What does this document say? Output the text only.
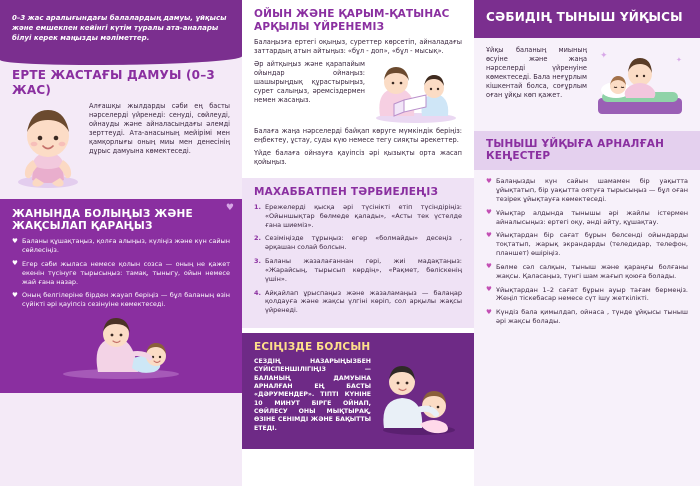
0–3 жас аралығындағы балалардың дамуы, ұйқысы және емшекпен кейінгі күтім туралы ата-аналары білуі керек маңызды мәліметтер.
ЕРТЕ ЖАСТАҒЫ ДАМУЫ (0–3 ЖАС)
Алғашқы жылдарды сәби ең басты нәрселерді үйренеді: сенуді, сөйлеуді, ойнауды және айналасындағы әлемді зерттеуді. Ата-анасының мейірімі мен қамқорлығы оның миы мен денесінің дұрыс дамуына көмектеседі.
♥
ЖАНЫНДА БОЛЫҢЫЗ ЖӘНЕ ЖАҚСЫЛАП ҚАРАҢЫЗ
♥ Баланы құшақтаңыз, қолға алыңыз, күліңіз және күн сайын сөйлесіңіз.
♥ Егер сәби жыласа немесе қолын созса — оның не қажет екенін түсінуге тырысыңыз: тамақ, тыныгу, ойын немесе жай ғана назар.
♥ Оның белгілеріне бірден жауап беріңіз — бұл баланың өзін сүйікті әрі қауіпсіз сезінуіне көмектеседі.
ОЙЫН ЖӘНЕ ҚАРЫМ-ҚАТЫНАС АРҚЫЛЫ ҮЙРЕНЕМІЗ
Балаңызға ертегі оқыңыз, суреттер көрсетіп, айналадағы заттардың атын айтыңыз: «бұл - доп», «бұл - мысық».
Әр айтқыңыз және қарапайым ойындар ойнаңыз: шашырыңдық құрастырыңыз, сурет салыңыз, әремсіздермен немен жасаңыз.
Балаға жаңа нәрселерді байқап көруге мүмкіндік беріңіз: еңбектеу, ұстау, суды күю немесе тегу сияқты әрекеттер.
Үйде балаға ойнауға қауіпсіз әрі қызықты орта жасап қойыңыз.
МАХАББАТПЕН ТӘРБИЕЛЕҢІЗ
Ережелерді қысқа әрі түсінікті етіп түсіндіріңіз: «Ойыншықтар бөлмеде қалады», «Асты тек үстелде ғана шиеміз».
Сезіміңізде тұрыңыз: егер «болмайды» десеңіз , әрқашан солай болсын.
Баланы жазалағаннан гөрі, жиі мадақтаңыз: «Жарайсың, тырысып көрдің», «Рақмет, бөліскенің үшін».
Айқайлап ұрыспаңыз және жазаламаңыз — балаңар қолдауға және жақсы үлгіні көріп, сол арқылы жақсы үйренеді.
ЕСІҢІЗДЕ БОЛСЫН
СЕЗДІҢ НАЗАРЫҢЫЗБЕН СҮЙІСПЕНШІЛІГІҢІЗ — БАЛАНЫҢ ДАМУЫНА АРНАЛҒАН ЕҢ БАСТЫ «ДӘРУМЕНДЕР». ТІПТІ КҮНІНЕ 10 МИНУТ БІРГЕ ОЙНАП, СӨЙЛЕСУ ОНЫ МЫҚТЫРАҚ, ӨЗІНЕ СЕНІМДІ ЖӘНЕ БАҚЫТТЫ ЕТЕДІ.
СӘБИДІҢ ТЫНЫШ ҰЙҚЫСЫ
✦	✦
Ұйқы баланың миының өсуіне және жаңа нәрселерді үйренуіне көмектеседі. Бала неғұрлым кішкентай болса, соғұрлым оған ұйқы көп қажет.
ТЫНЫШ ҰЙҚЫҒА АРНАЛҒАН КЕҢЕСТЕР
♥ Балаңызды күн сайын шамамен бір уақытта ұйықтатып, бір уақытта оятуға тырысыңыз — бұл оған тезірек ұйықтауға көмектеседі.
♥ Ұйықтар алдында тынышы әрі жайлы істермен айналысыңыз: ертегі оқу, әнді айту, құшақтау.
♥ Ұйықтардан бір сағат бұрын белсенді ойындарды тоқтатып, жарық экрандарды (теледидар, телефон, планшет) өшіріңіз.
♥ Бөлме сәл салқын, тыныш және қараңғы болғаны жақсы. Қаласаңыз, түнгі шам жағып қоюға болады.
♥ Ұйықтардан 1–2 сағат бұрын ауыр тағам бермеңіз. Жеңіл тіскебасар немесе сүт ішу жеткілікті.
♥ Күндіз бала қимылдап, ойнаса , түнде ұйқысы тыныш әрі жақсы болады.
